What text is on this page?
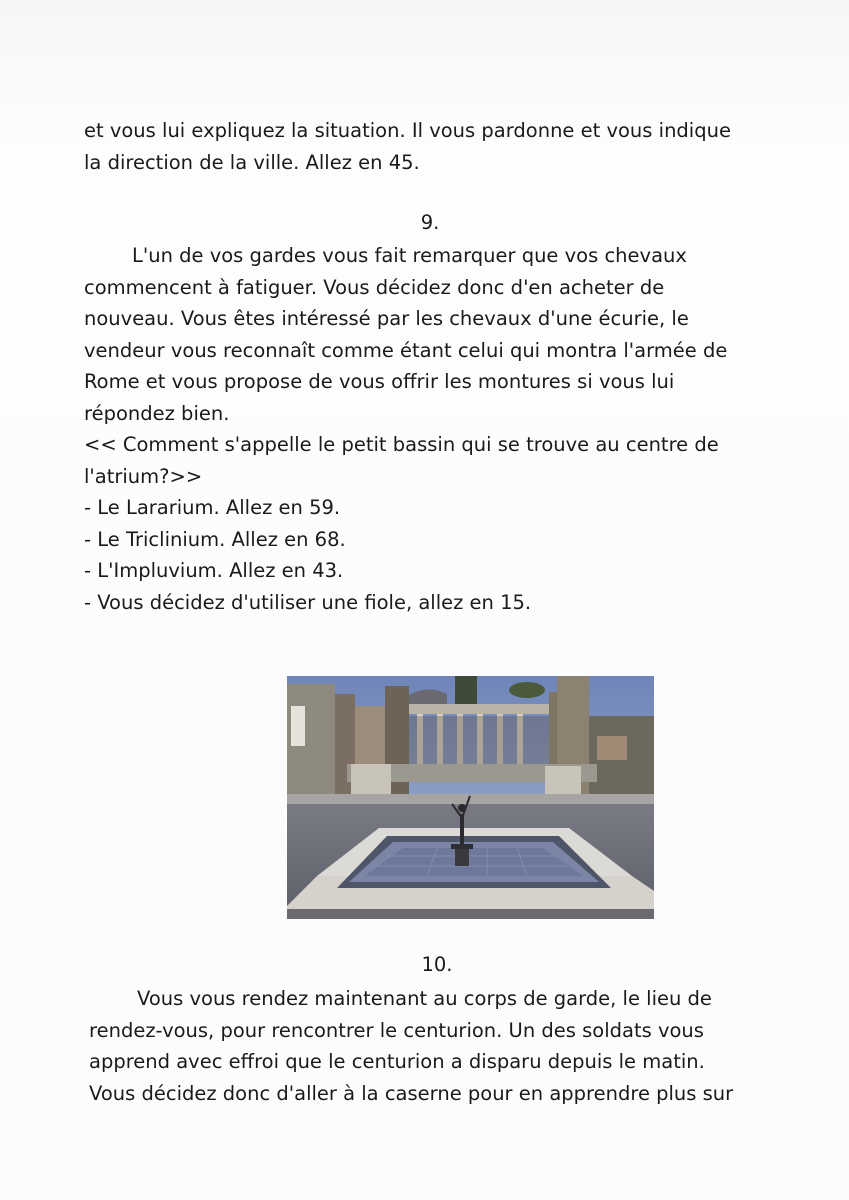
et vous lui expliquez la situation. Il vous pardonne et vous indique

la direction de la ville. Allez en 45.

9.

L'un de vos gardes vous fait remarquer que vos chevaux

commencent à fatiguer. Vous décidez donc d'en acheter de

nouveau. Vous êtes intéressé par les chevaux d'une écurie, le

vendeur vous reconnaît comme étant celui qui montra l'armée de

Rome et vous propose de vous offrir les montures si vous lui

répondez bien.

<< Comment s'appelle le petit bassin qui se trouve au centre de

l'atrium?>>

- Le Lararium. Allez en 59.

- Le Triclinium. Allez en 68.

- L'Impluvium. Allez en 43.

- Vous décidez d'utiliser une fiole, allez en 15.

10.

Vous vous rendez maintenant au corps de garde, le lieu de

rendez-vous, pour rencontrer le centurion. Un des soldats vous

apprend avec effroi que le centurion a disparu depuis le matin.

Vous décidez donc d'aller à la caserne pour en apprendre plus sur
